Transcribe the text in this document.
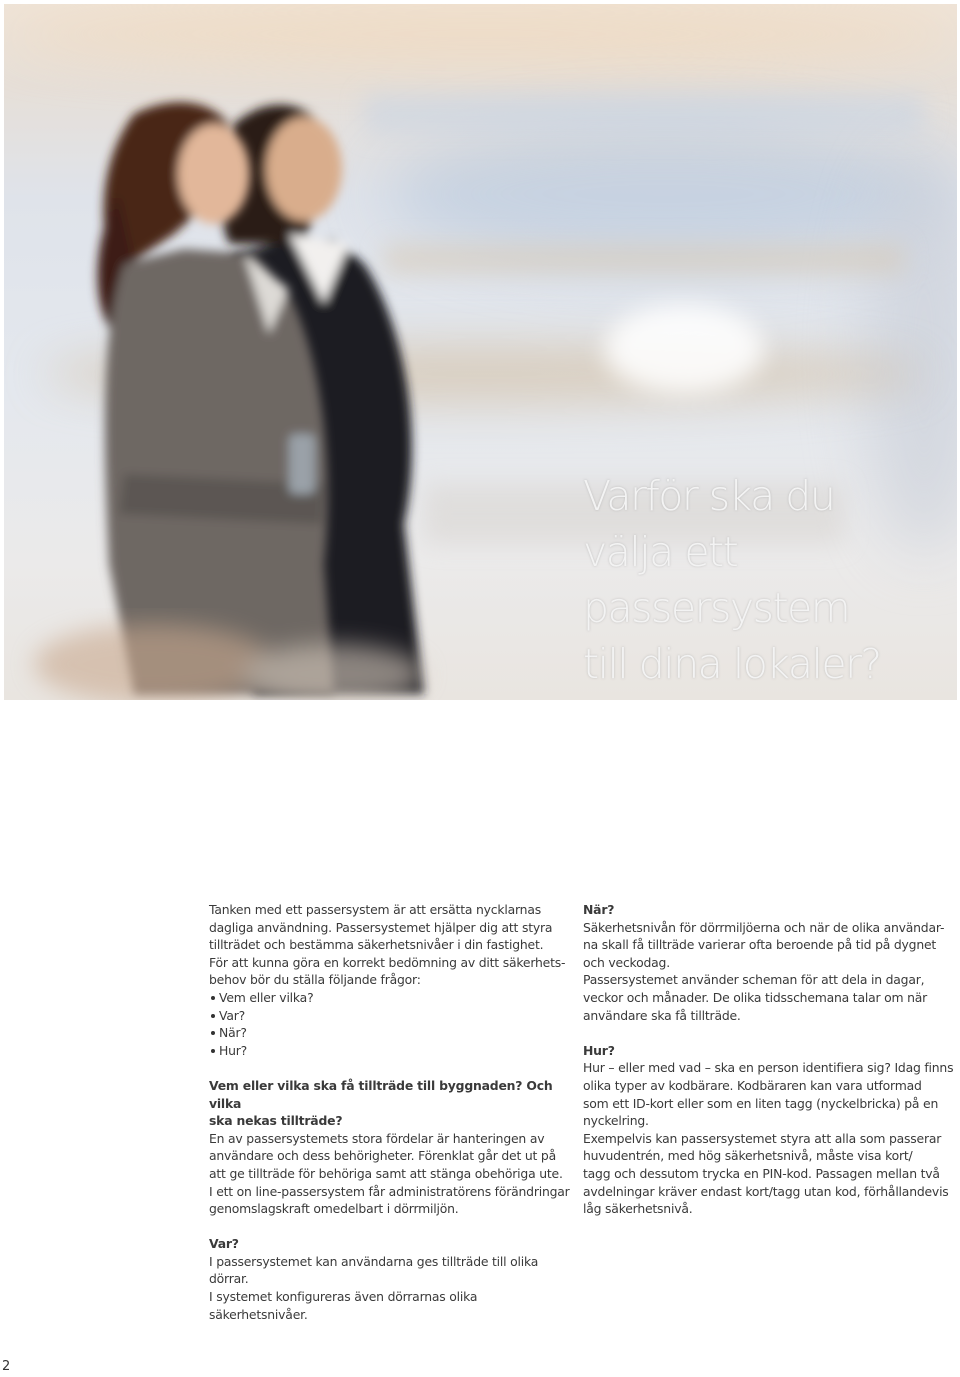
Varför ska du
välja ett
passersystem
till dina lokaler?

Tanken med ett passersystem är att ersätta nycklarnas

dagliga användning. Passersystemet hjälper dig att styra

tillträdet och bestämma säkerhetsnivåer i din fastighet.

För att kunna göra en korrekt bedömning av ditt säkerhets-

behov bör du ställa följande frågor:

Vem eller vilka?
Var?
När?
Hur?

Vem eller vilka ska få tillträde till byggnaden? Och vilka

ska nekas tillträde?

En av passersystemets stora fördelar är hanteringen av

användare och dess behörigheter. Förenklat går det ut på

att ge tillträde för behöriga samt att stänga obehöriga ute.

I ett on line-passersystem får administratörens förändringar

genomslagskraft omedelbart i dörrmiljön.

Var?

I passersystemet kan användarna ges tillträde till olika dörrar.

I systemet konfigureras även dörrarnas olika säkerhetsnivåer.

När?

Säkerhetsnivån för dörrmiljöerna och när de olika användar-

na skall få tillträde varierar ofta beroende på tid på dygnet

och veckodag.

Passersystemet använder scheman för att dela in dagar,

veckor och månader. De olika tidsschemana talar om när

användare ska få tillträde.

Hur?

Hur – eller med vad – ska en person identifiera sig? Idag finns

olika typer av kodbärare. Kodbäraren kan vara utformad

som ett ID-kort eller som en liten tagg (nyckelbricka) på en

nyckelring.

Exempelvis kan passersystemet styra att alla som passerar

huvudentrén, med hög säkerhetsnivå, måste visa kort/

tagg och dessutom trycka en PIN-kod. Passagen mellan två

avdelningar kräver endast kort/tagg utan kod, förhållandevis

låg säkerhetsnivå.

2
